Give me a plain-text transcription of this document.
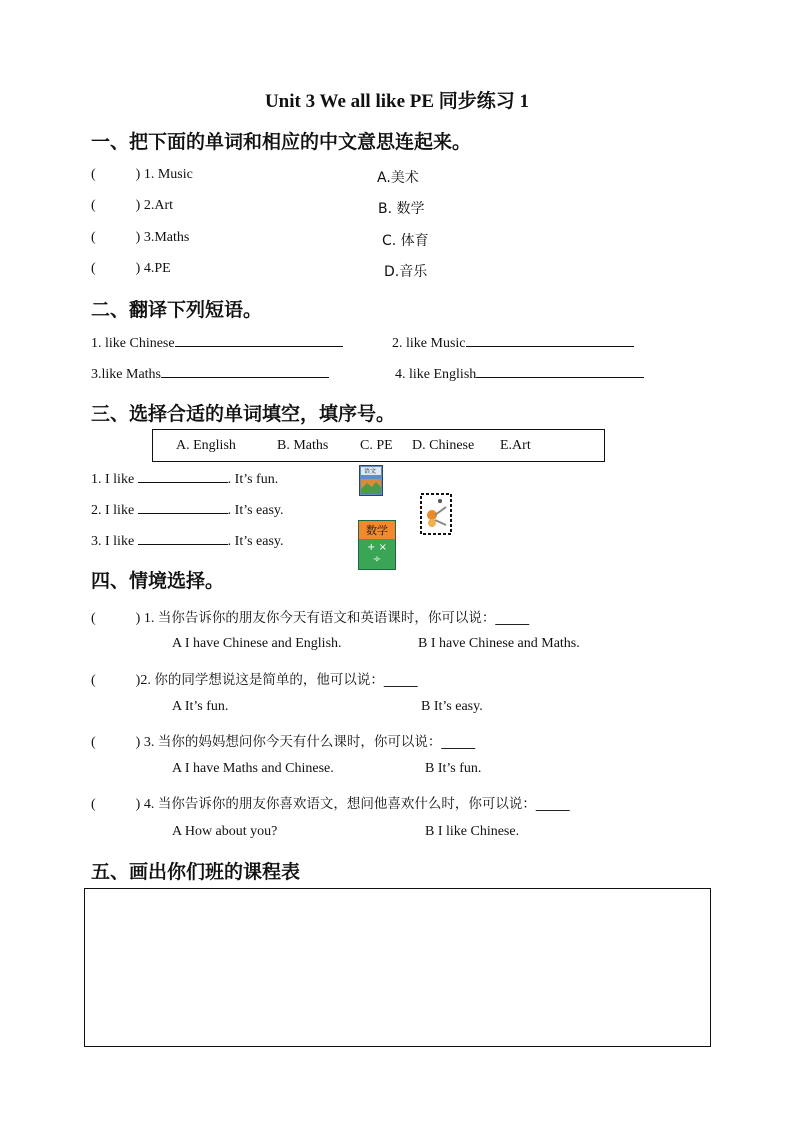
Unit 3 We all like PE 同步练习 1
一、把下面的单词和相应的中文意思连起来。
(	) 1. Music	A.美术
(	) 2.Art	B. 数学
(	) 3.Maths	C. 体育
(	) 4.PE	D.音乐
二、翻译下列短语。
1. like Chinese	2. like Music
3.like Maths	4. like English
三、选择合适的单词填空，填序号。
A. English	B. Maths C. PE D. Chinese E.Art
1. I like	. It’s fun.
2. I like	. It’s easy.
3. I like	. It’s easy.
语文
+ ×
÷
数学
四、情境选择。
(	) 1. 当你告诉你的朋友你今天有语文和英语课时，你可以说：_____
A I have Chinese and English.	B I have Chinese and Maths.
(	)2. 你的同学想说这是简单的，他可以说：_____
A It’s fun.	B It’s easy.
(	) 3. 当你的妈妈想问你今天有什么课时，你可以说：_____
A I have Maths and Chinese.	B It’s fun.
(	) 4. 当你告诉你的朋友你喜欢语文，想问他喜欢什么时，你可以说：_____
A How about you?	B I like Chinese.
五、画出你们班的课程表
